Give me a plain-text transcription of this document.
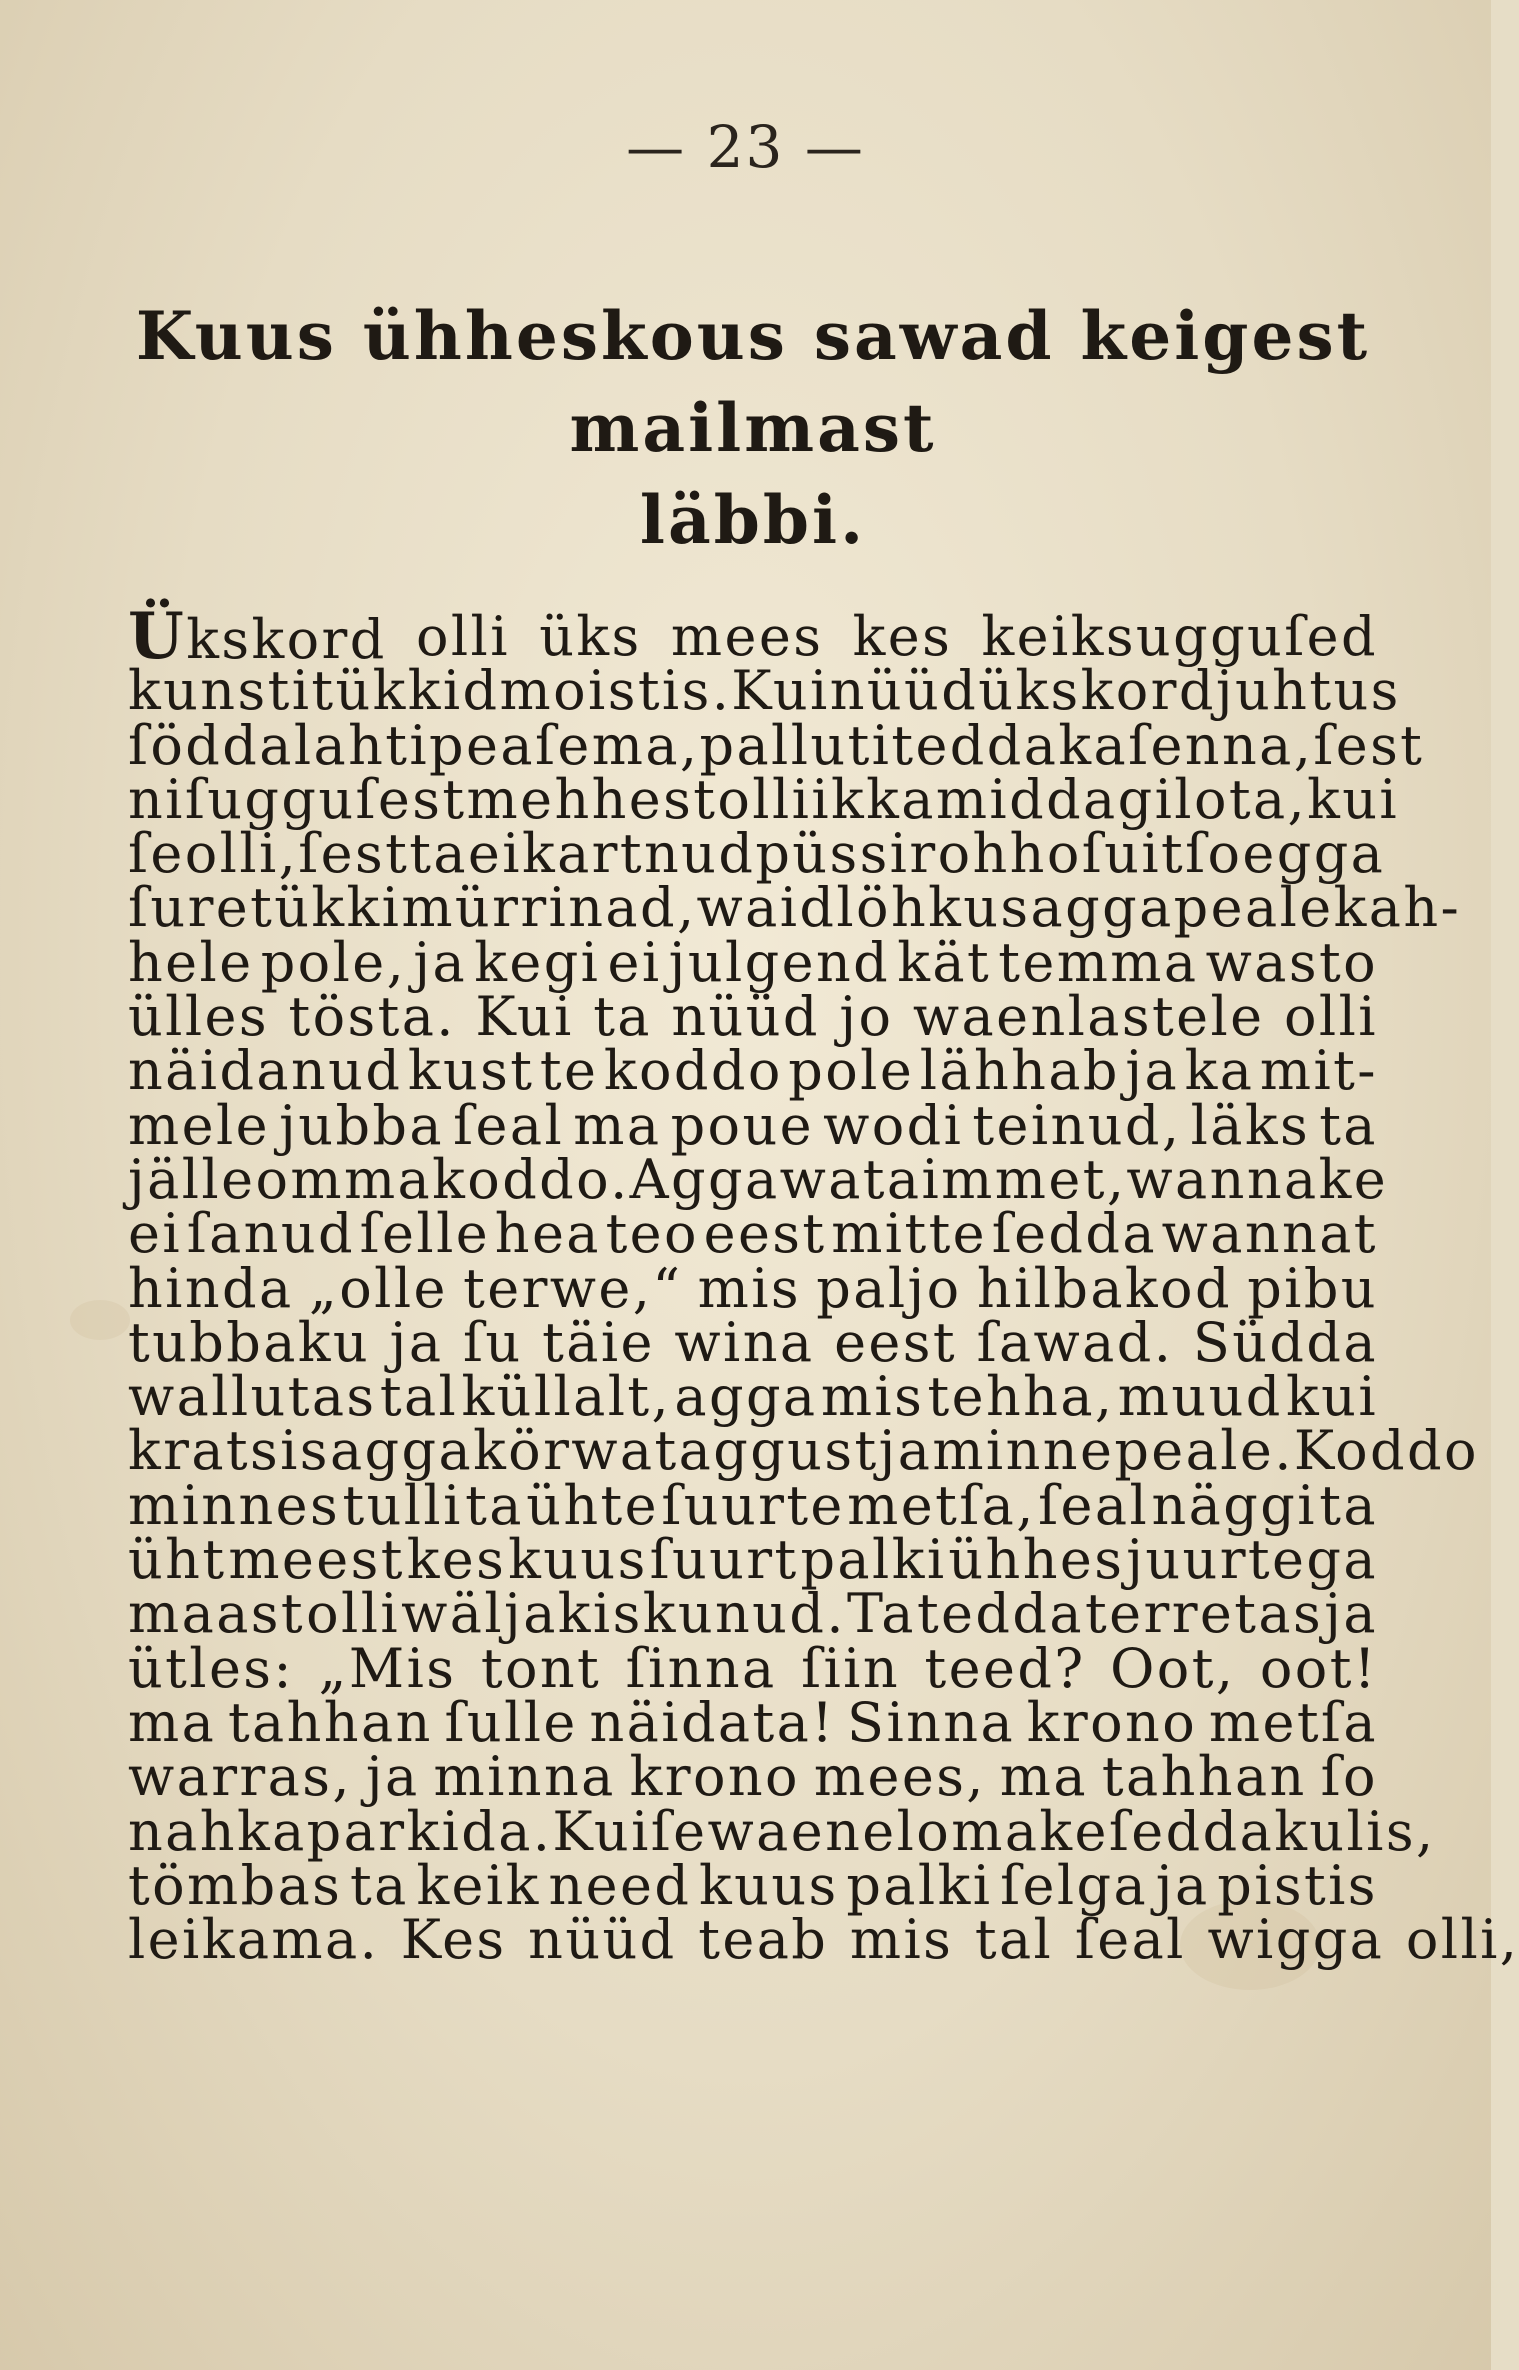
— 23 —
Kuus ühheskous sawad keigest mailmast
läbbi.
Ükskord olli üks mees kes keiksugguſed
kunstitükkid moistis. Kui nüüd ükskord juhtus
ſödda lahti peaſema, palluti tedda ka ſenna, ſest
niſugguſest mehhest olli ikka middagi lota, kui
ſe olli, ſest ta ei kartnud püssirohho ſuitſo egga
ſuretükki mürrinad, waid löhkus agga peale kah-
hele pole, ja kegi ei julgend kät temma wasto
ülles tösta. Kui ta nüüd jo waenlastele olli
näidanud kust te koddo pole lähhab ja ka mit-
mele jubba ſeal ma poue wodi teinud, läks ta
jälle omma koddo. Agga wata immet, wannake
ei ſanud ſelle hea teo eest mitte ſedda wannat
hinda „olle terwe,“ mis paljo hilbakod pibu
tubbaku ja ſu täie wina eest ſawad. Südda
wallutas tal küllalt, agga mis tehha, muud kui
kratsis agga körwa taggust ja minne peale. Koddo
minnes tulli ta ühte ſuurte metſa, ſeal näggi ta
üht meest kes kuus ſuurt palki ühhes juurtega
maast olli wäljakiskunud. Ta tedda terretas ja
ütles: „Mis tont ſinna ſiin teed? Oot, oot!
ma tahhan ſulle näidata! Sinna krono metſa
warras, ja minna krono mees, ma tahhan ſo
nahka parkida. Kui ſe waene lomake ſedda kulis,
tömbas ta keik need kuus palki ſelga ja pistis
leikama. Kes nüüd teab mis tal ſeal wigga olli,
